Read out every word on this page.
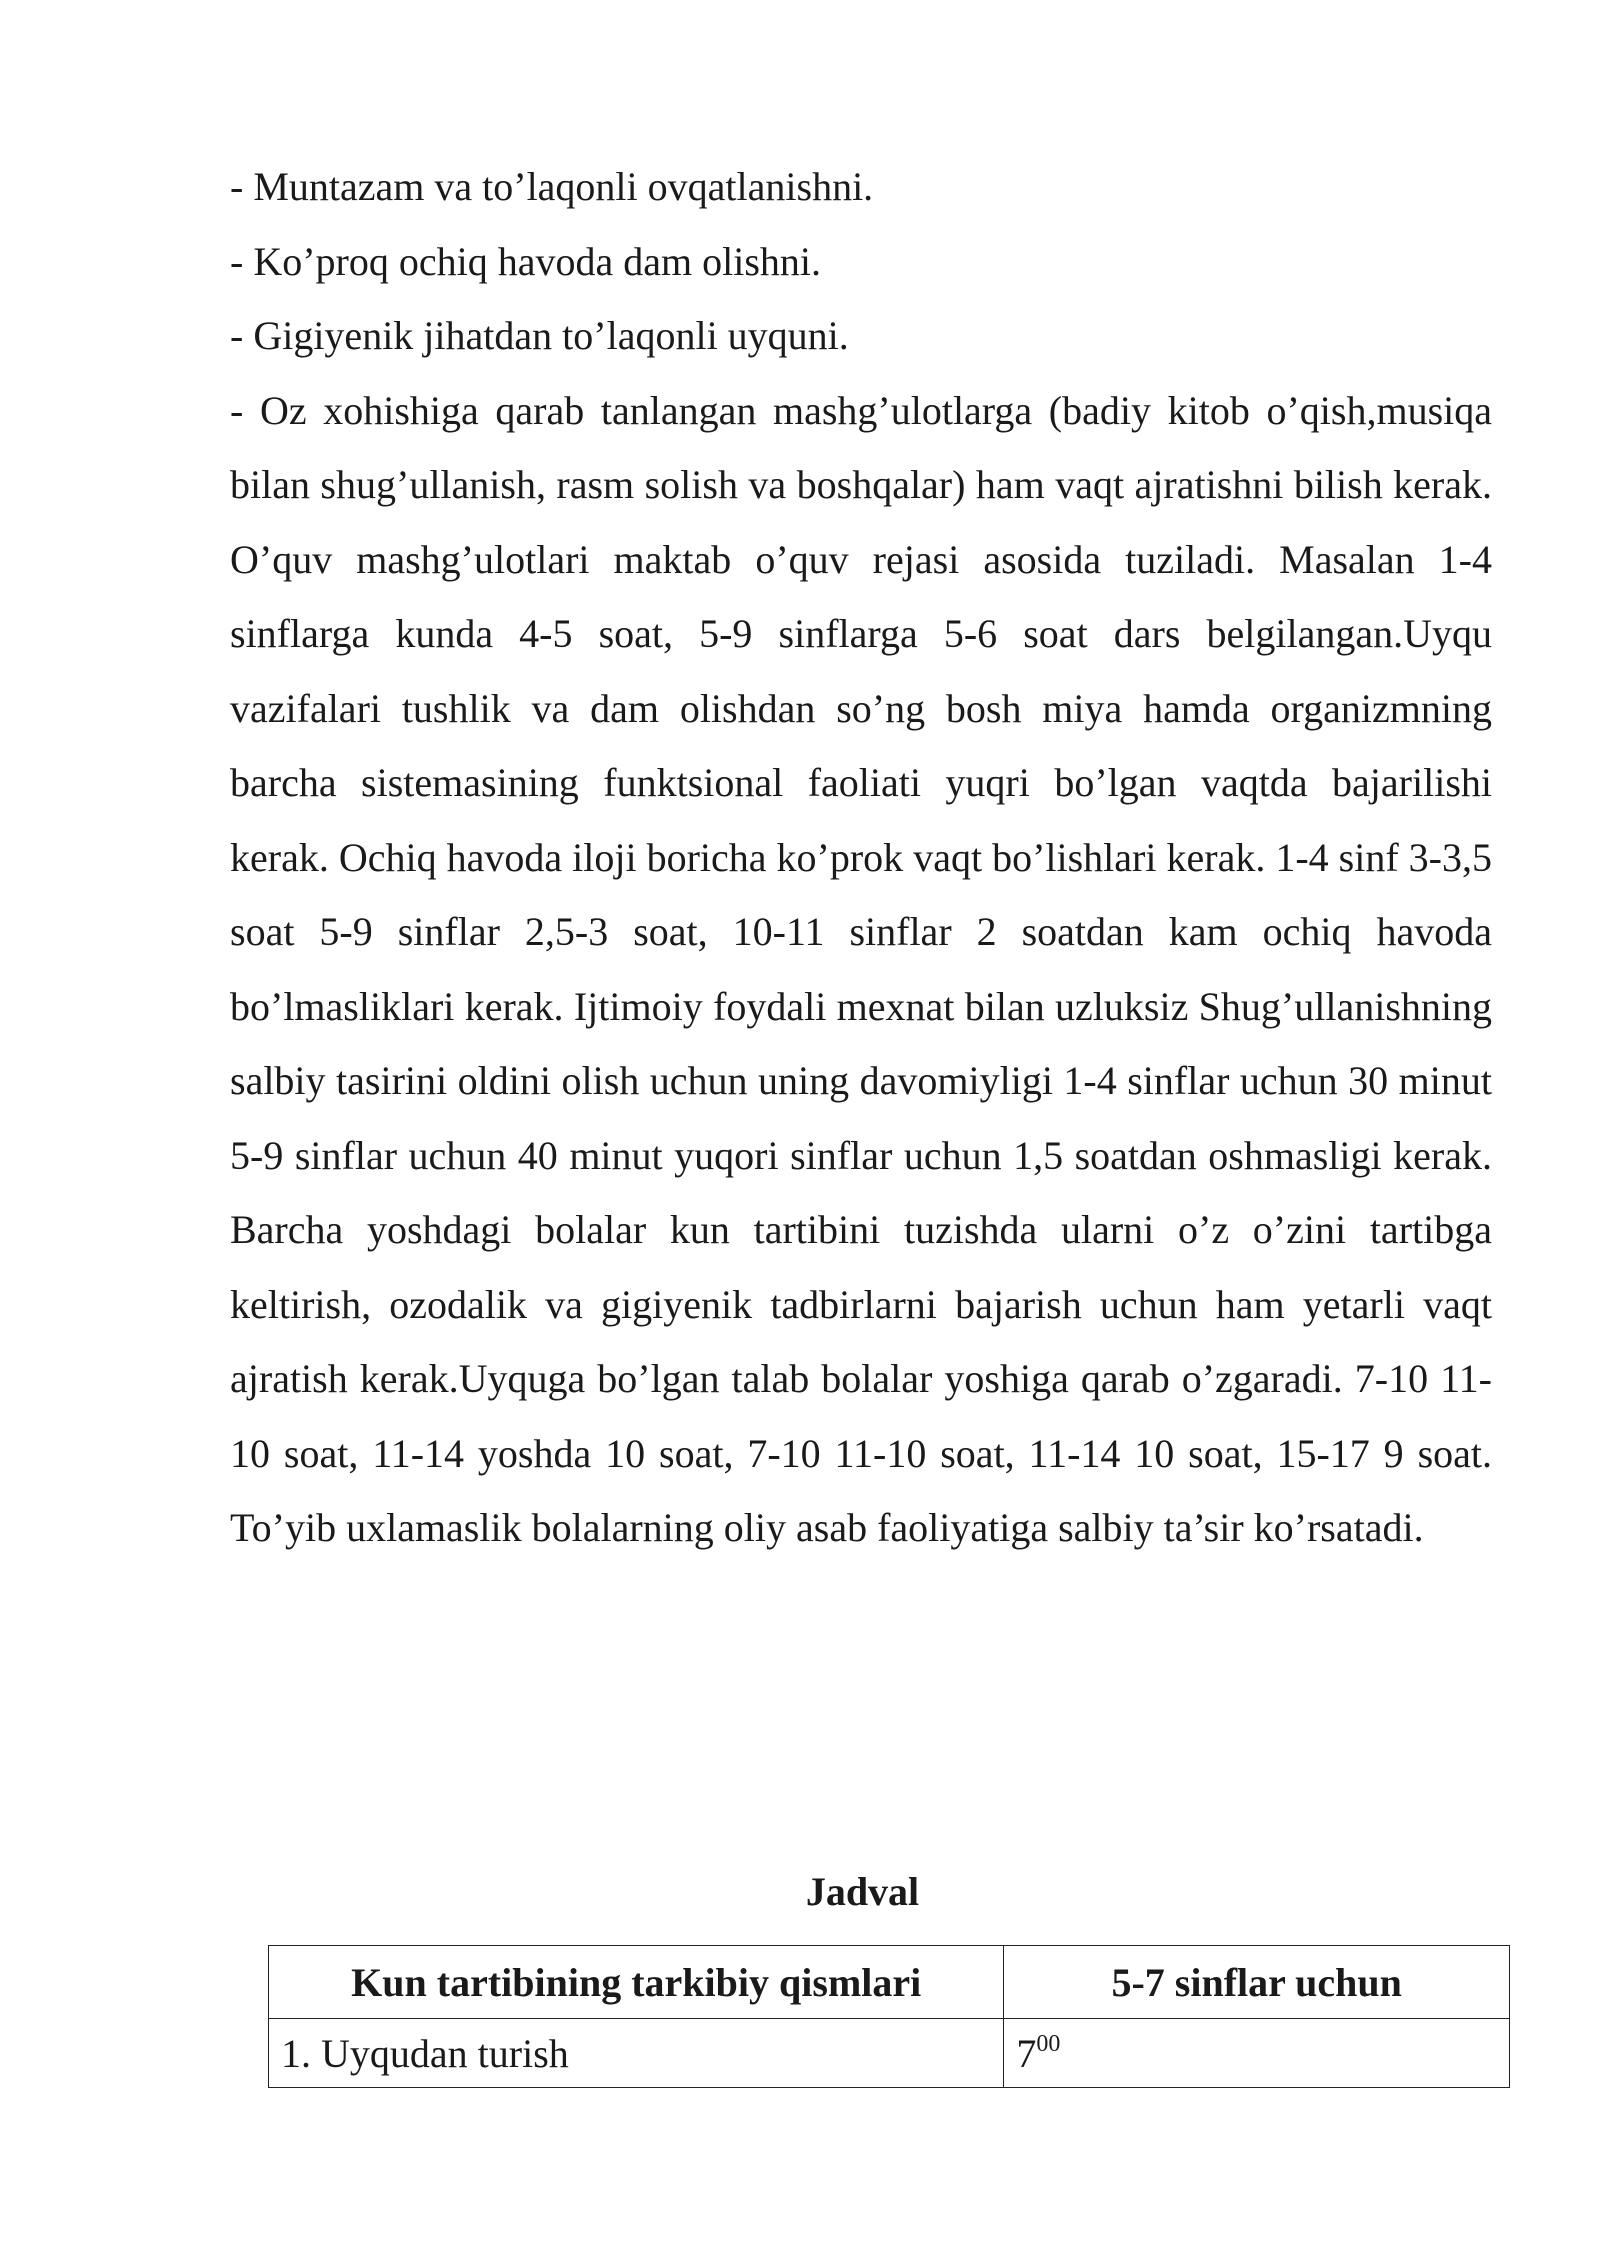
- Muntazam va to’laqonli ovqatlanishni.

- Ko’proq ochiq havoda dam olishni.

- Gigiyenik jihatdan to’laqonli uyquni.

- Oz xohishiga qarab tanlangan mashg’ulotlarga (badiy kitob o’qish,musiqa bilan shug’ullanish, rasm solish va boshqalar) ham vaqt ajratishni bilish kerak. O’quv mashg’ulotlari maktab o’quv rejasi asosida tuziladi. Masalan 1-4 sinflarga kunda 4-5 soat, 5-9 sinflarga 5-6 soat dars belgilangan.Uyqu vazifalari tushlik va dam olishdan so’ng bosh miya hamda organizmning barcha sistemasining funktsional faoliati yuqri bo’lgan vaqtda bajarilishi kerak. Ochiq havoda iloji boricha ko’prok vaqt bo’lishlari kerak. 1-4 sinf 3-3,5 soat 5-9 sinflar 2,5-3 soat, 10-11 sinflar 2 soatdan kam ochiq havoda bo’lmasliklari kerak. Ijtimoiy foydali mexnat bilan uzluksiz Shug’ullanishning salbiy tasirini oldini olish uchun uning davomiyligi 1-4 sinflar uchun 30 minut 5-9 sinflar uchun 40 minut yuqori sinflar uchun 1,5 soatdan oshmasligi kerak. Barcha yoshdagi bolalar kun tartibini tuzishda ularni o’z o’zini tartibga keltirish, ozodalik va gigiyenik tadbirlarni bajarish uchun ham yetarli vaqt ajratish kerak.Uyquga bo’lgan talab bolalar yoshiga qarab o’zgaradi. 7-10 11-10 soat, 11-14 yoshda 10 soat, 7-10 11-10 soat, 11-14 10 soat, 15-17 9 soat. To’yib uxlamaslik bolalarning oliy asab faoliyatiga salbiy ta’sir ko’rsatadi.

Jadval

Kun tartibining tarkibiy qismlari	5-7 sinflar uchun
1. Uyqudan turish	$7^{00}$
